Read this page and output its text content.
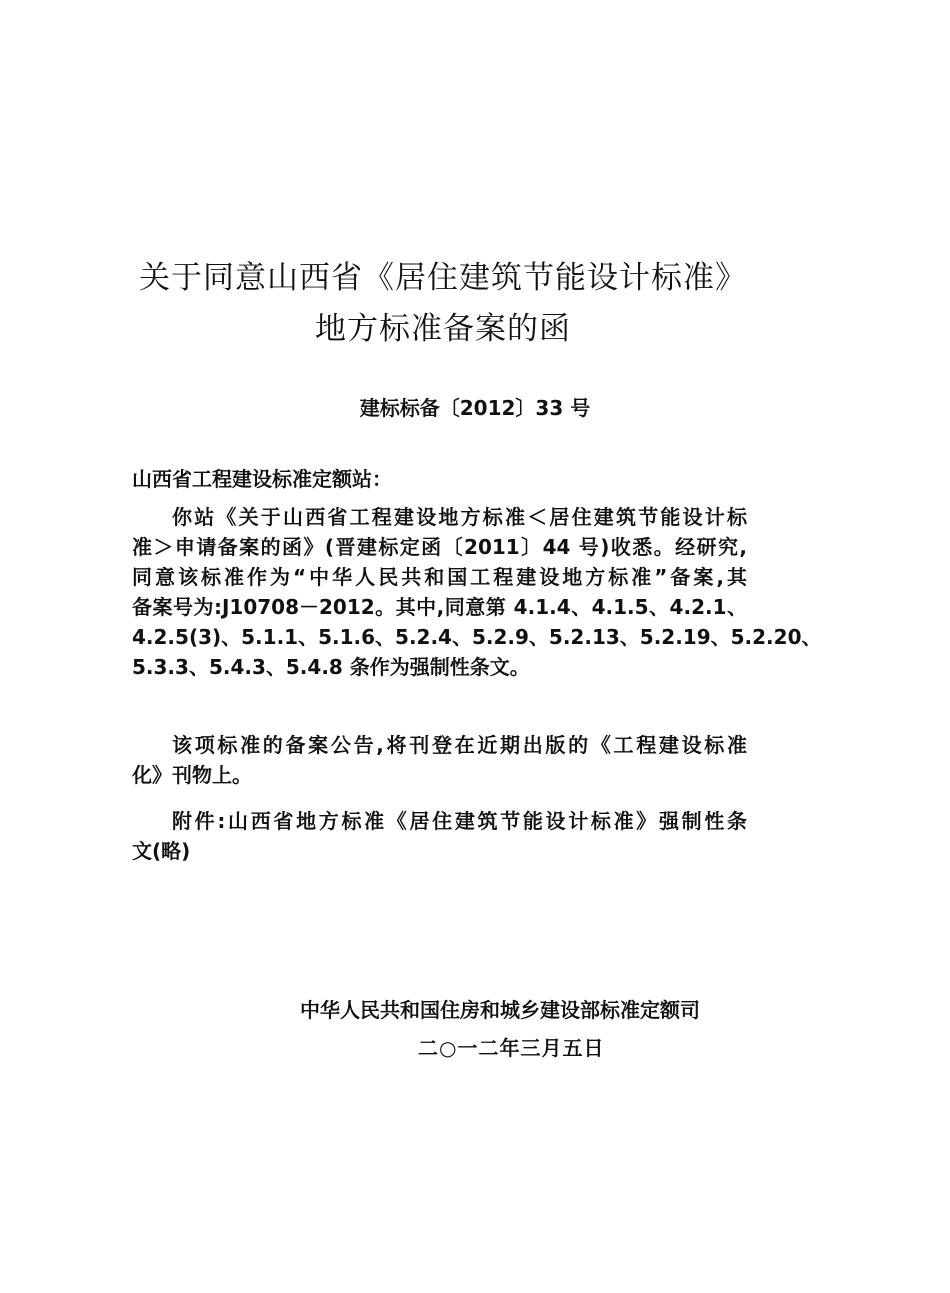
关于同意山西省《居住建筑节能设计标准》
地方标准备案的函
建标标备〔2012〕33 号
山西省工程建设标准定额站：
你站《关于山西省工程建设地方标准＜居住建筑节能设计标
准＞申请备案的函》(晋建标定函〔2011〕44 号)收悉。经研究,
同意该标准作为“中华人民共和国工程建设地方标准”备案,其
备案号为:J10708－2012。其中,同意第 4.1.4、4.1.5、4.2.1、
4.2.5(3)、5.1.1、5.1.6、5.2.4、5.2.9、5.2.13、5.2.19、5.2.20、
5.3.3、5.4.3、5.4.8 条作为强制性条文。
该项标准的备案公告,将刊登在近期出版的《工程建设标准
化》刊物上。
附件:山西省地方标准《居住建筑节能设计标准》强制性条
文(略)
中华人民共和国住房和城乡建设部标准定额司
二○一二年三月五日
